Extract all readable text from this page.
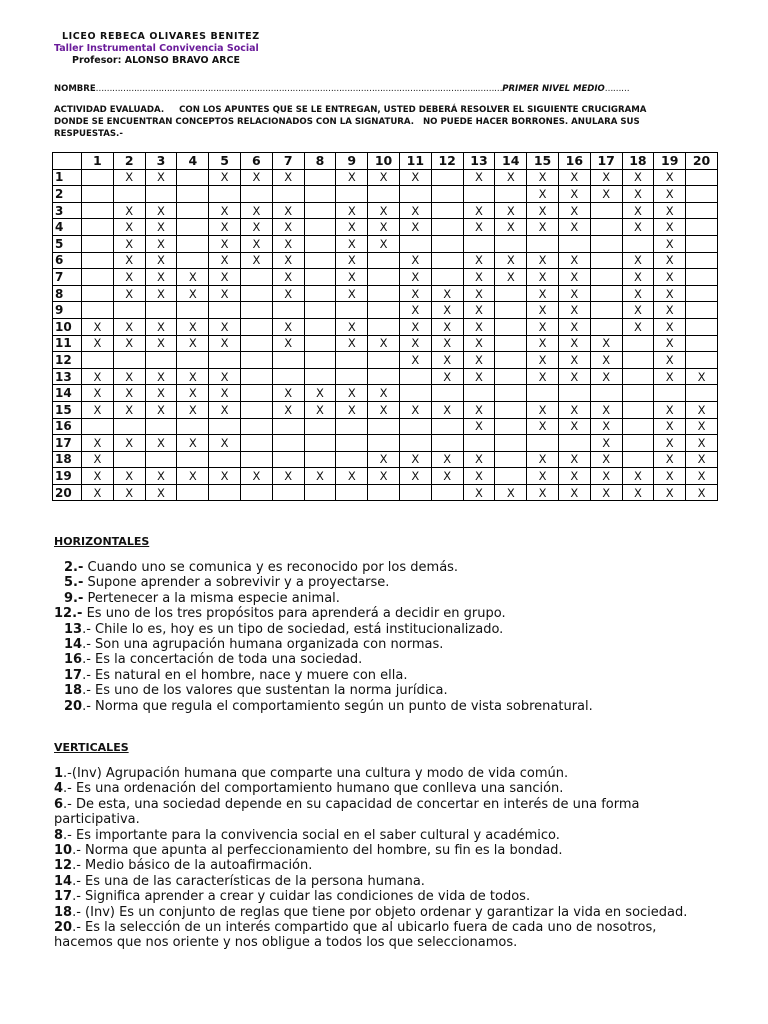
LICEO REBECA OLIVARES BENITEZ
Taller Instrumental Convivencia Social
Profesor: ALONSO BRAVO ARCE
NOMBRE…………………………………………………………………………………………………………………………..………PRIMER NIVEL MEDIO………
ACTIVIDAD EVALUADA. CON LOS APUNTES QUE SE LE ENTREGAN, USTED DEBERÁ RESOLVER EL SIGUIENTE CRUCIGRAMA DONDE SE ENCUENTRAN CONCEPTOS RELACIONADOS CON LA SIGNATURA. NO PUEDE HACER BORRONES. ANULARA SUS RESPUESTAS.-
	1	2	3	4	5	6	7	8	9	10	11	12	13	14	15	16	17	18	19	20
1		X	X		X	X	X		X	X	X		X	X	X	X	X	X	X	
2															X	X	X	X	X	
3		X	X		X	X	X		X	X	X		X	X	X	X		X	X	
4		X	X		X	X	X		X	X	X		X	X	X	X		X	X	
5		X	X		X	X	X		X	X									X	
6		X	X		X	X	X		X		X		X	X	X	X		X	X	
7		X	X	X	X		X		X		X		X	X	X	X		X	X	
8		X	X	X	X		X		X		X	X	X		X	X		X	X	
9											X	X	X		X	X		X	X	
10	X	X	X	X	X		X		X		X	X	X		X	X		X	X	
11	X	X	X	X	X		X		X	X	X	X	X		X	X	X		X	
12											X	X	X		X	X	X		X	
13	X	X	X	X	X							X	X		X	X	X		X	X
14	X	X	X	X	X		X	X	X	X										
15	X	X	X	X	X		X	X	X	X	X	X	X		X	X	X		X	X
16													X		X	X	X		X	X
17	X	X	X	X	X												X		X	X
18	X									X	X	X	X		X	X	X		X	X
19	X	X	X	X	X	X	X	X	X	X	X	X	X		X	X	X	X	X	X
20	X	X	X										X	X	X	X	X	X	X	X
HORIZONTALES
2.- Cuando uno se comunica y es reconocido por los demás.
5.- Supone aprender a sobrevivir y a proyectarse.
9.- Pertenecer a la misma especie animal.
12.- Es uno de los tres propósitos para aprenderá a decidir en grupo.
13.- Chile lo es, hoy es un tipo de sociedad, está institucionalizado.
14.- Son una agrupación humana organizada con normas.
16.- Es la concertación de toda una sociedad.
17.- Es natural en el hombre, nace y muere con ella.
18.- Es uno de los valores que sustentan la norma jurídica.
20.- Norma que regula el comportamiento según un punto de vista sobrenatural.
VERTICALES
1.-(Inv) Agrupación humana que comparte una cultura y modo de vida común.
4.- Es una ordenación del comportamiento humano que conlleva una sanción.
6.- De esta, una sociedad depende en su capacidad de concertar en interés de una forma participativa.
8.- Es importante para la convivencia social en el saber cultural y académico.
10.- Norma que apunta al perfeccionamiento del hombre, su fin es la bondad.
12.- Medio básico de la autoafirmación.
14.- Es una de las características de la persona humana.
17.- Significa aprender a crear y cuidar las condiciones de vida de todos.
18.- (Inv) Es un conjunto de reglas que tiene por objeto ordenar y garantizar la vida en sociedad.
20.- Es la selección de un interés compartido que al ubicarlo fuera de cada uno de nosotros, hacemos que nos oriente y nos obligue a todos los que seleccionamos.
